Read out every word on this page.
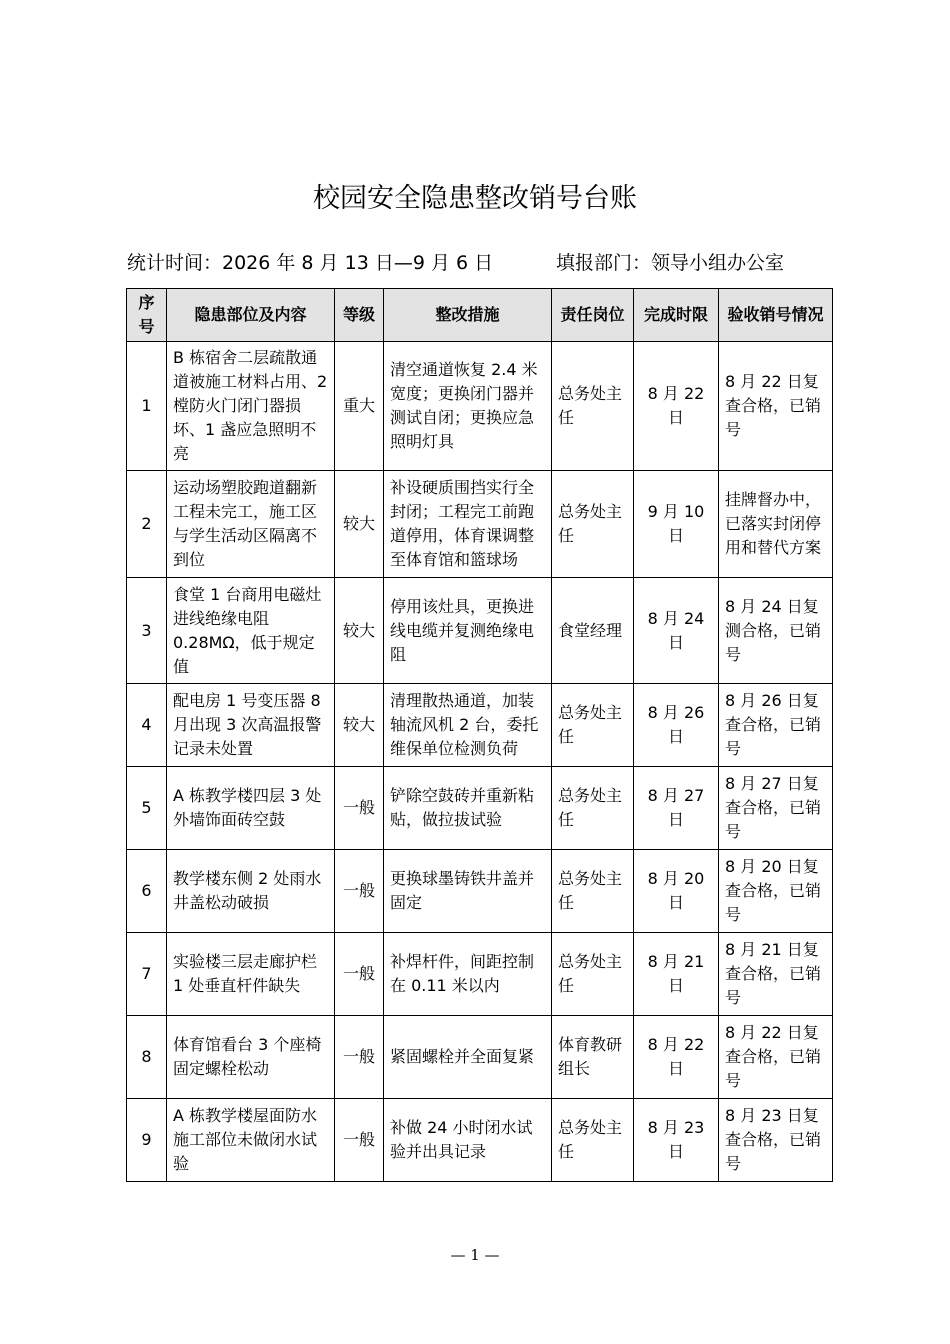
校园安全隐患整改销号台账
统计时间：2026 年 8 月 13 日—9 月 6 日	填报部门：领导小组办公室
序号	隐患部位及内容	等级	整改措施	责任岗位	完成时限	验收销号情况
1	B 栋宿舍二层疏散通道被施工材料占用、2 樘防火门闭门器损坏、1 盏应急照明不亮	重大	清空通道恢复 2.4 米宽度；更换闭门器并测试自闭；更换应急照明灯具	总务处主任	8 月 22 日	8 月 22 日复查合格，已销号
2	运动场塑胶跑道翻新工程未完工，施工区与学生活动区隔离不到位	较大	补设硬质围挡实行全封闭；工程完工前跑道停用，体育课调整至体育馆和篮球场	总务处主任	9 月 10 日	挂牌督办中，已落实封闭停用和替代方案
3	食堂 1 台商用电磁灶进线绝缘电阻 0.28MΩ，低于规定值	较大	停用该灶具，更换进线电缆并复测绝缘电阻	食堂经理	8 月 24 日	8 月 24 日复测合格，已销号
4	配电房 1 号变压器 8 月出现 3 次高温报警记录未处置	较大	清理散热通道，加装轴流风机 2 台，委托维保单位检测负荷	总务处主任	8 月 26 日	8 月 26 日复查合格，已销号
5	A 栋教学楼四层 3 处外墙饰面砖空鼓	一般	铲除空鼓砖并重新粘贴，做拉拔试验	总务处主任	8 月 27 日	8 月 27 日复查合格，已销号
6	教学楼东侧 2 处雨水井盖松动破损	一般	更换球墨铸铁井盖并固定	总务处主任	8 月 20 日	8 月 20 日复查合格，已销号
7	实验楼三层走廊护栏 1 处垂直杆件缺失	一般	补焊杆件，间距控制在 0.11 米以内	总务处主任	8 月 21 日	8 月 21 日复查合格，已销号
8	体育馆看台 3 个座椅固定螺栓松动	一般	紧固螺栓并全面复紧	体育教研组长	8 月 22 日	8 月 22 日复查合格，已销号
9	A 栋教学楼屋面防水施工部位未做闭水试验	一般	补做 24 小时闭水试验并出具记录	总务处主任	8 月 23 日	8 月 23 日复查合格，已销号
— 1 —
